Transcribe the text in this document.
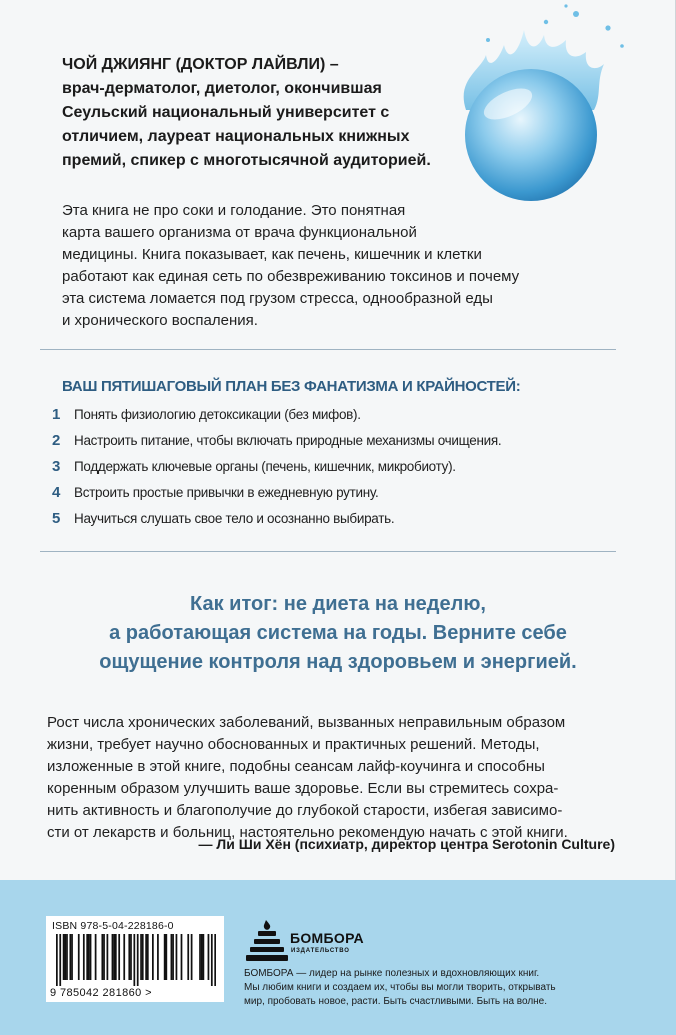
ЧОЙ ДЖИЯНГ (ДОКТОР ЛАЙВЛИ) –
врач-дерматолог, диетолог, окончившая
Сеульский национальный университет с
отличием, лауреат национальных книжных
премий, спикер с многотысячной аудиторией.
Эта книга не про соки и голодание. Это понятная
карта вашего организма от врача функциональной
медицины. Книга показывает, как печень, кишечник и клетки
работают как единая сеть по обезвреживанию токсинов и почему
эта система ломается под грузом стресса, однообразной еды
и хронического воспаления.
ВАШ ПЯТИШАГОВЫЙ ПЛАН БЕЗ ФАНАТИЗМА И КРАЙНОСТЕЙ:
1	Понять физиологию детоксикации (без мифов).
2	Настроить питание, чтобы включать природные механизмы очищения.
3	Поддержать ключевые органы (печень, кишечник, микробиоту).
4	Встроить простые привычки в ежедневную рутину.
5	Научиться слушать свое тело и осознанно выбирать.
Как итог: не диета на неделю,
а работающая система на годы. Верните себе
ощущение контроля над здоровьем и энергией.
Рост числа хронических заболеваний, вызванных неправильным образом
жизни, требует научно обоснованных и практичных решений. Методы,
изложенные в этой книге, подобны сеансам лайф-коучинга и способны
коренным образом улучшить ваше здоровье. Если вы стремитесь сохра-
нить активность и благополучие до глубокой старости, избегая зависимо-
сти от лекарств и больниц, настоятельно рекомендую начать с этой книги.
— Ли Ши Хён (психиатр, директор центра Serotonin Culture)
ISBN 978-5-04-228186-0
9 785042 281860 >
БОМБОРА
ИЗДАТЕЛЬСТВО
БОМБОРА — лидер на рынке полезных и вдохновляющих книг.
Мы любим книги и создаем их, чтобы вы могли творить, открывать
мир, пробовать новое, расти. Быть счастливыми. Быть на волне.
